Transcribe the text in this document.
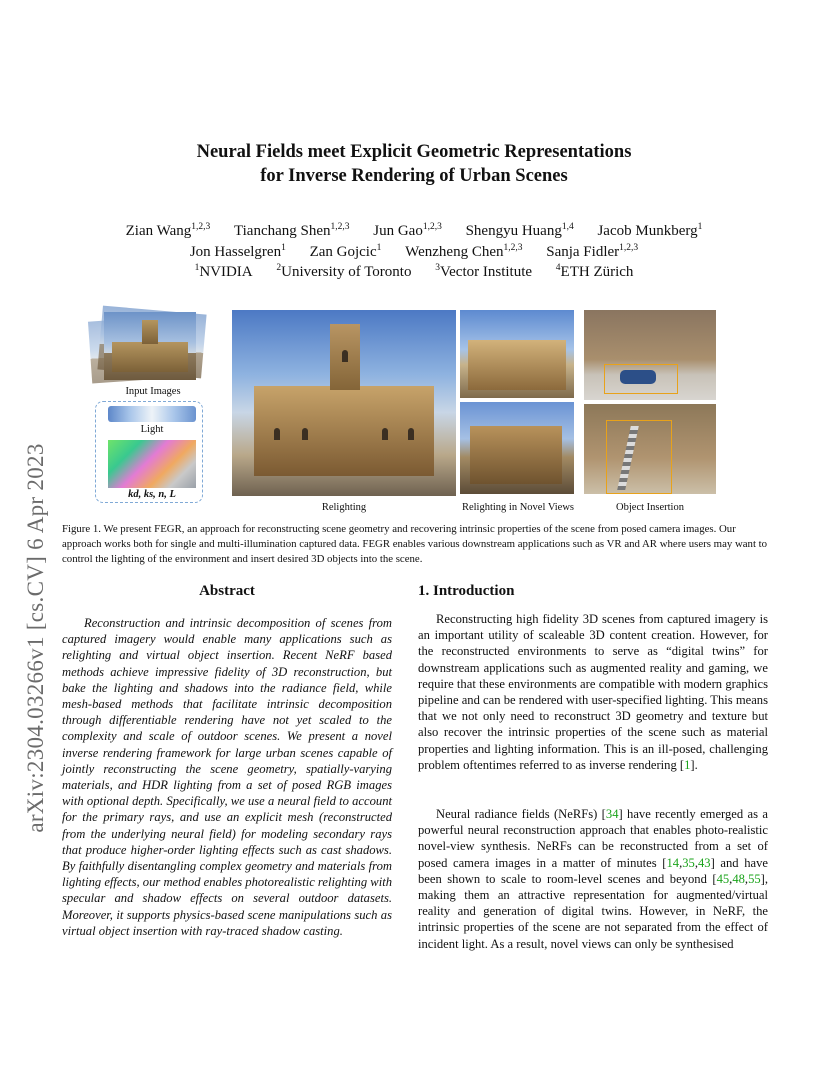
arXiv:2304.03266v1 [cs.CV] 6 Apr 2023
Neural Fields meet Explicit Geometric Representations
for Inverse Rendering of Urban Scenes
Zian Wang$^{1,2,3}$ Tianchang Shen$^{1,2,3}$ Jun Gao$^{1,2,3}$ Shengyu Huang$^{1,4}$ Jacob Munkberg$^1$
Jon Hasselgren$^1$ Zan Gojcic$^1$ Wenzheng Chen$^{1,2,3}$ Sanja Fidler$^{1,2,3}$
$^1$NVIDIA	$^2$University of Toronto	$^3$Vector Institute	$^4$ETH Zürich
Input Images
Light
kd, ks, n, L
Relighting	Relighting in Novel Views	Object Insertion
Figure 1. We present FEGR, an approach for reconstructing scene geometry and recovering intrinsic properties of the scene from posed camera images. Our approach works both for single and multi-illumination captured data. FEGR enables various downstream applications such as VR and AR where users may want to control the lighting of the environment and insert desired 3D objects into the scene.
Abstract
Reconstruction and intrinsic decomposition of scenes from captured imagery would enable many applications such as relighting and virtual object insertion. Recent NeRF based methods achieve impressive fidelity of 3D reconstruction, but bake the lighting and shadows into the radiance field, while mesh-based methods that facilitate intrinsic decomposition through differentiable rendering have not yet scaled to the complexity and scale of outdoor scenes. We present a novel inverse rendering framework for large urban scenes capable of jointly reconstructing the scene geometry, spatially-varying materials, and HDR lighting from a set of posed RGB images with optional depth. Specifically, we use a neural field to account for the primary rays, and use an explicit mesh (reconstructed from the underlying neural field) for modeling secondary rays that produce higher-order lighting effects such as cast shadows. By faithfully disentangling complex geometry and materials from lighting effects, our method enables photorealistic relighting with specular and shadow effects on several outdoor datasets. Moreover, it supports physics-based scene manipulations such as virtual object insertion with ray-traced shadow casting.
1. Introduction
Reconstructing high fidelity 3D scenes from captured imagery is an important utility of scaleable 3D content creation. However, for the reconstructed environments to serve as “digital twins” for downstream applications such as augmented reality and gaming, we require that these environments are compatible with modern graphics pipeline and can be rendered with user-specified lighting. This means that we not only need to reconstruct 3D geometry and texture but also recover the intrinsic properties of the scene such as material properties and lighting information. This is an ill-posed, challenging problem oftentimes referred to as inverse rendering [1].
Neural radiance fields (NeRFs) [34] have recently emerged as a powerful neural reconstruction approach that enables photo-realistic novel-view synthesis. NeRFs can be reconstructed from a set of posed camera images in a matter of minutes [14,35,43] and have been shown to scale to room-level scenes and beyond [45,48,55], making them an attractive representation for augmented/virtual reality and generation of digital twins. However, in NeRF, the intrinsic properties of the scene are not separated from the effect of incident light. As a result, novel views can only be synthesised
